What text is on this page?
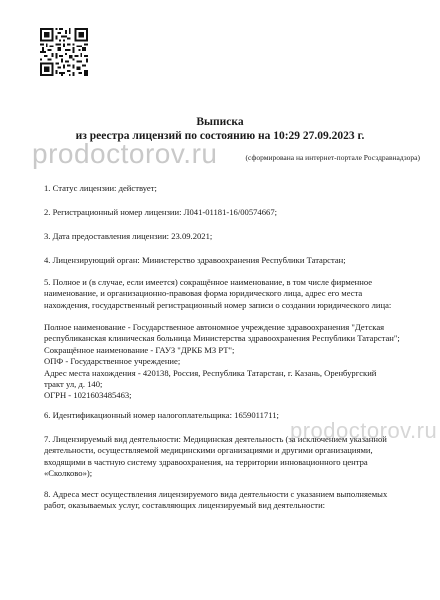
prodoctorov.ru
prodoctorov.ru
Выписка
из реестра лицензий по состоянию на 10:29 27.09.2023 г.
(сформирована на интернет-портале Росздравнадзора)

1. Статус лицензии: действует;

2. Регистрационный номер лицензии: Л041-01181-16/00574667;

3. Дата предоставления лицензии: 23.09.2021;

4. Лицензирующий орган: Министерство здравоохранения Республики Татарстан;

5. Полное и (в случае, если имеется) сокращённое наименование, в том числе фирменное
наименование, и организационно-правовая форма юридического лица, адрес его места
нахождения, государственный регистрационный номер записи о создании юридического лица:

Полное наименование - Государственное автономное учреждение здравоохранения "Детская
республиканская клиническая больница Министерства здравоохранения Республики Татарстан";
Сокращённое наименование - ГАУЗ "ДРКБ МЗ РТ";
ОПФ - Государственное учреждение;
Адрес места нахождения - 420138, Россия, Республика Татарстан, г. Казань, Оренбургский
тракт ул, д. 140;
ОГРН - 1021603485463;

6. Идентификационный номер налогоплательщика: 1659011711;

7. Лицензируемый вид деятельности: Медицинская деятельность (за исключением указанной
деятельности, осуществляемой медицинскими организациями и другими организациями,
входящими в частную систему здравоохранения, на территории инновационного центра
«Сколково»);

8. Адреса мест осуществления лицензируемого вида деятельности с указанием выполняемых
работ, оказываемых услуг, составляющих лицензируемый вид деятельности:
